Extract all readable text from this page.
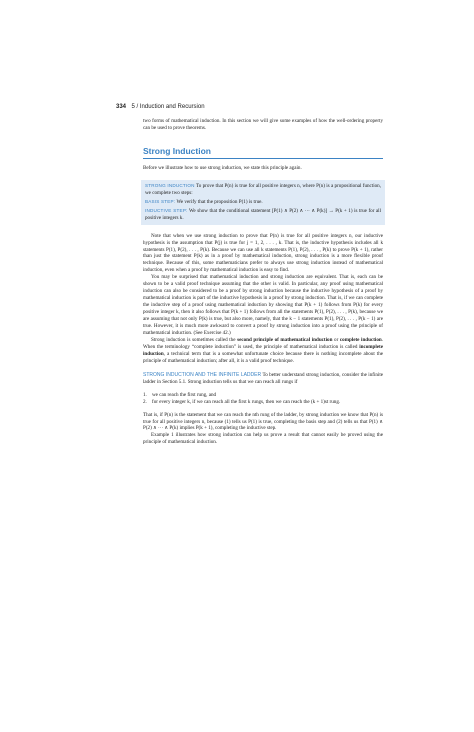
334 5 / Induction and Recursion

two forms of mathematical induction. In this section we will give some examples of how the well-ordering property can be used to prove theorems.

Strong Induction

Before we illustrate how to use strong induction, we state this principle again.

STRONG INDUCTION To prove that P(n) is true for all positive integers n, where P(n) is a propositional function, we complete two steps:

BASIS STEP: We verify that the proposition P(1) is true.

INDUCTIVE STEP: We show that the conditional statement [P(1) ∧ P(2) ∧ ··· ∧ P(k)] → P(k + 1) is true for all positive integers k.

Note that when we use strong induction to prove that P(n) is true for all positive integers n, our inductive hypothesis is the assumption that P(j) is true for j = 1, 2, . . . , k. That is, the inductive hypothesis includes all k statements P(1), P(2), . . . , P(k). Because we can use all k statements P(1), P(2), . . . , P(k) to prove P(k + 1), rather than just the statement P(k) as in a proof by mathematical induction, strong induction is a more flexible proof technique. Because of this, some mathematicians prefer to always use strong induction instead of mathematical induction, even when a proof by mathematical induction is easy to find.

You may be surprised that mathematical induction and strong induction are equivalent. That is, each can be shown to be a valid proof technique assuming that the other is valid. In particular, any proof using mathematical induction can also be considered to be a proof by strong induction because the inductive hypothesis of a proof by mathematical induction is part of the inductive hypothesis in a proof by strong induction. That is, if we can complete the inductive step of a proof using mathematical induction by showing that P(k + 1) follows from P(k) for every positive integer k, then it also follows that P(k + 1) follows from all the statements P(1), P(2), . . . , P(k), because we are assuming that not only P(k) is true, but also more, namely, that the k − 1 statements P(1), P(2), . . . , P(k − 1) are true. However, it is much more awkward to convert a proof by strong induction into a proof using the principle of mathematical induction. (See Exercise 42.)

Strong induction is sometimes called the second principle of mathematical induction or complete induction. When the terminology “complete induction” is used, the principle of mathematical induction is called incomplete induction, a technical term that is a somewhat unfortunate choice because there is nothing incomplete about the principle of mathematical induction; after all, it is a valid proof technique.

STRONG INDUCTION AND THE INFINITE LADDER To better understand strong induction, consider the infinite ladder in Section 5.1. Strong induction tells us that we can reach all rungs if

1.	we can reach the first rung, and
2.	for every integer k, if we can reach all the first k rungs, then we can reach the (k + 1)st rung.

That is, if P(n) is the statement that we can reach the nth rung of the ladder, by strong induction we know that P(n) is true for all positive integers n, because (1) tells us P(1) is true, completing the basis step and (2) tells us that P(1) ∧ P(2) ∧ ··· ∧ P(k) implies P(k + 1), completing the inductive step.

Example 1 illustrates how strong induction can help us prove a result that cannot easily be proved using the principle of mathematical induction.
